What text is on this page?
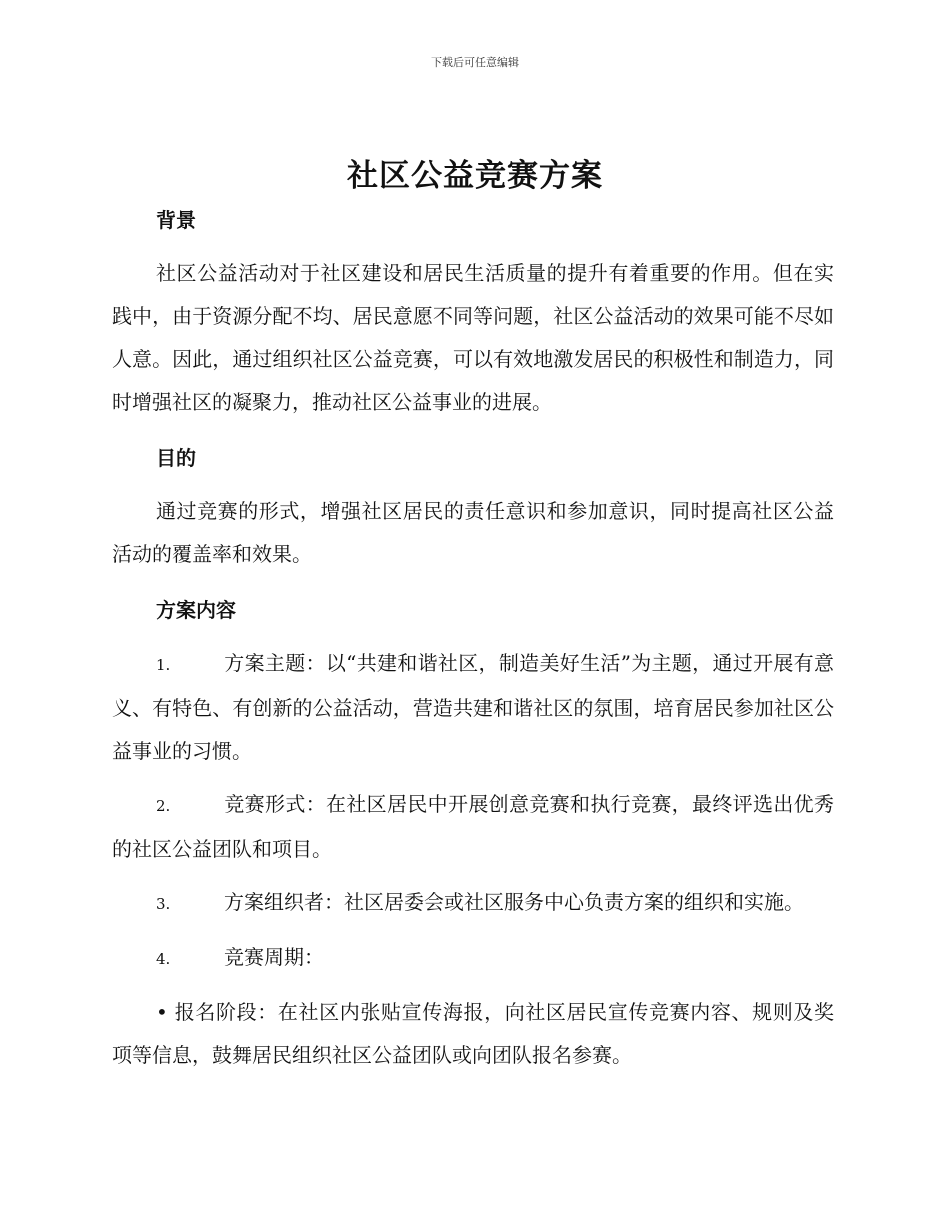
下载后可任意编辑
社区公益竞赛方案
背景

社区公益活动对于社区建设和居民生活质量的提升有着重要的作用。但在实践中，由于资源分配不均、居民意愿不同等问题，社区公益活动的效果可能不尽如人意。因此，通过组织社区公益竞赛，可以有效地激发居民的积极性和制造力，同时增强社区的凝聚力，推动社区公益事业的进展。

目的

通过竞赛的形式，增强社区居民的责任意识和参加意识，同时提高社区公益活动的覆盖率和效果。

方案内容

1.	方案主题：以“共建和谐社区，制造美好生活”为主题，通过开展有意义、有特色、有创新的公益活动，营造共建和谐社区的氛围，培育居民参加社区公益事业的习惯。

2.	竞赛形式：在社区居民中开展创意竞赛和执行竞赛，最终评选出优秀的社区公益团队和项目。

3.	方案组织者：社区居委会或社区服务中心负责方案的组织和实施。

4.	竞赛周期：

• 报名阶段：在社区内张贴宣传海报，向社区居民宣传竞赛内容、规则及奖项等信息，鼓舞居民组织社区公益团队或向团队报名参赛。
